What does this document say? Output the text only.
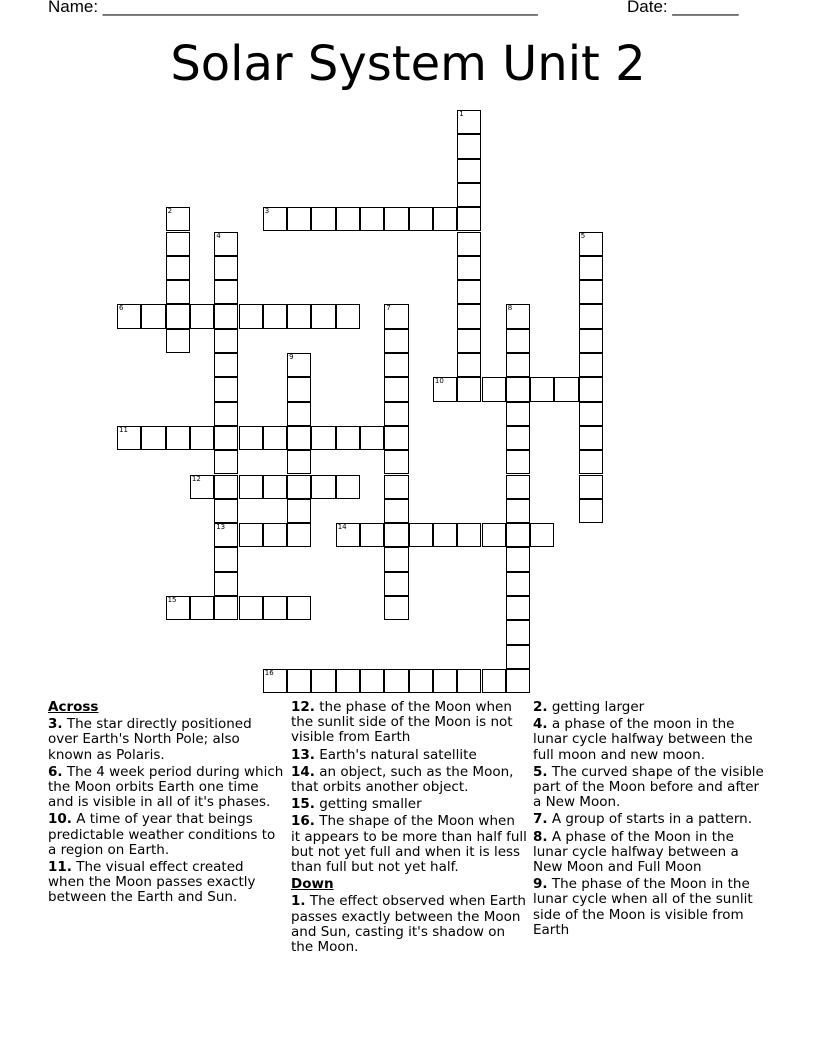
Name: ______________________________________________	Date: _______
Solar System Unit 2
1
2	3
4
13
5
6	7	8
9
10
11
12
14
15
16
Across
3. The star directly positioned over Earth's North Pole; also known as Polaris.
6. The 4 week period during which the Moon orbits Earth one time and is visible in all of it's phases.
10. A time of year that beings predictable weather conditions to a region on Earth.
11. The visual effect created when the Moon passes exactly between the Earth and Sun.
12. the phase of the Moon when the sunlit side of the Moon is not visible from Earth
13. Earth's natural satellite
14. an object, such as the Moon, that orbits another object.
15. getting smaller
16. The shape of the Moon when it appears to be more than half full but not yet full and when it is less than full but not yet half.
Down
1. The effect observed when Earth passes exactly between the Moon and Sun, casting it's shadow on the Moon.
2. getting larger
4. a phase of the moon in the lunar cycle halfway between the full moon and new moon.
5. The curved shape of the visible part of the Moon before and after a New Moon.
7. A group of starts in a pattern.
8. A phase of the Moon in the lunar cycle halfway between a New Moon and Full Moon
9. The phase of the Moon in the lunar cycle when all of the sunlit side of the Moon is visible from Earth
